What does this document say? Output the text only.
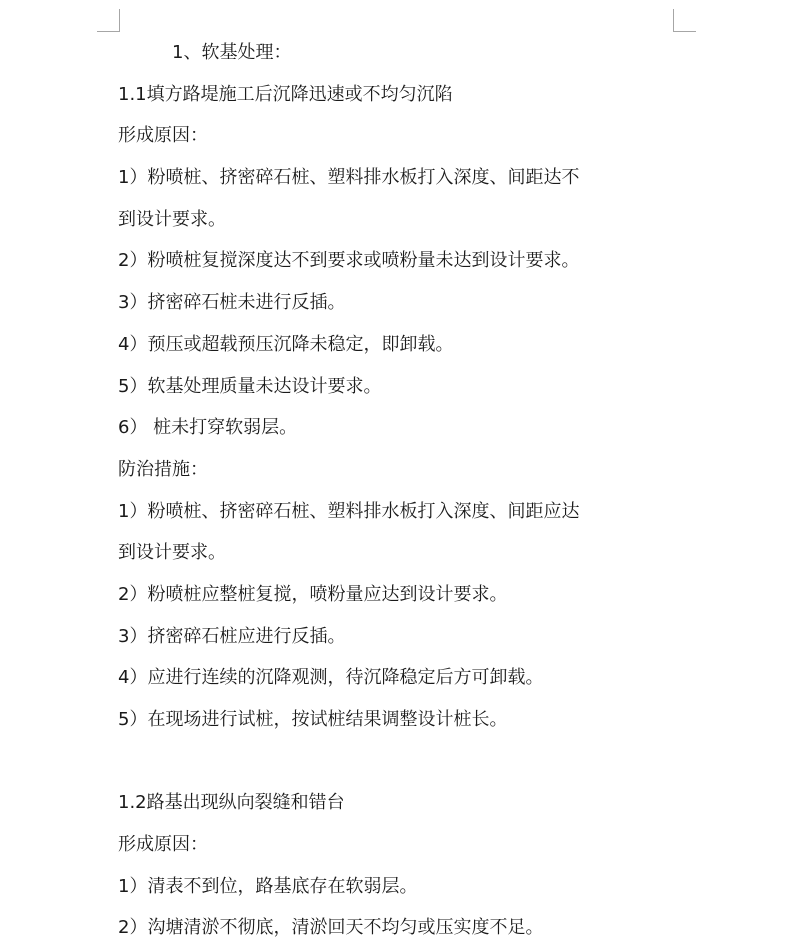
1、软基处理：
1.1填方路堤施工后沉降迅速或不均匀沉陷
形成原因：
1）粉喷桩、挤密碎石桩、塑料排水板打入深度、间距达不
到设计要求。
2）粉喷桩复搅深度达不到要求或喷粉量未达到设计要求。
3）挤密碎石桩未进行反插。
4）预压或超载预压沉降未稳定，即卸载。
5）软基处理质量未达设计要求。
6） 桩未打穿软弱层。
防治措施：
1）粉喷桩、挤密碎石桩、塑料排水板打入深度、间距应达
到设计要求。
2）粉喷桩应整桩复搅，喷粉量应达到设计要求。
3）挤密碎石桩应进行反插。
4）应进行连续的沉降观测，待沉降稳定后方可卸载。
5）在现场进行试桩，按试桩结果调整设计桩长。
1.2路基出现纵向裂缝和错台
形成原因：
1）清表不到位，路基底存在软弱层。
2）沟塘清淤不彻底，清淤回天不均匀或压实度不足。
